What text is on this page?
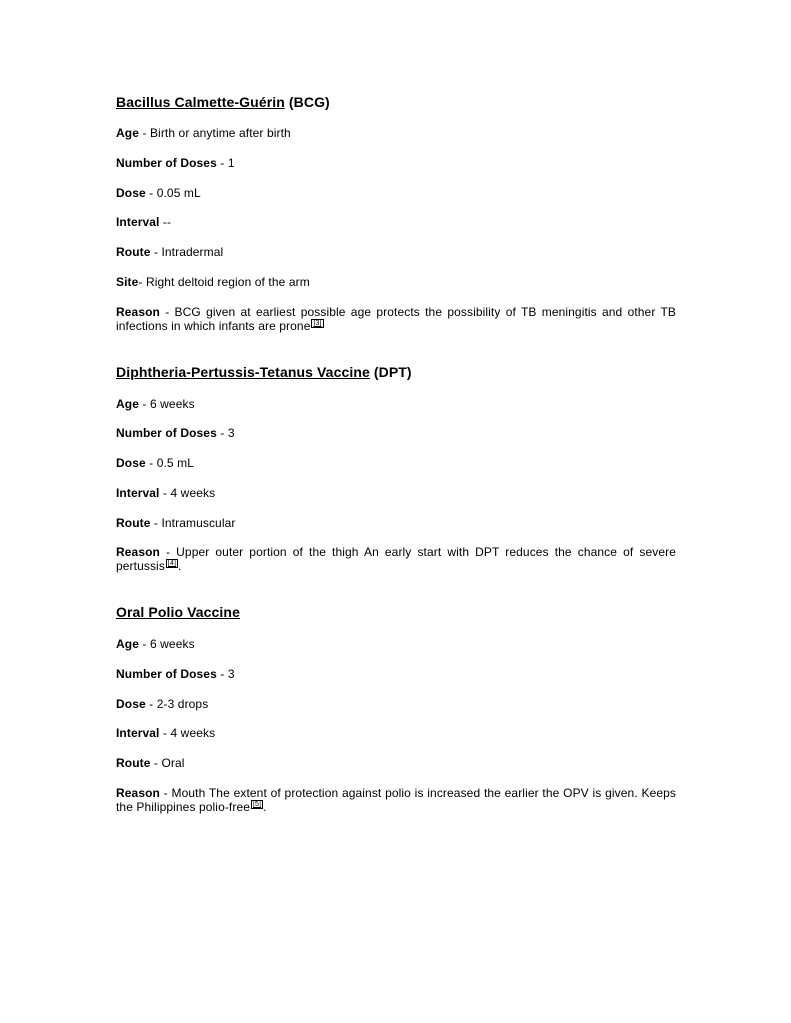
Bacillus Calmette-Guérin (BCG)

Age - Birth or anytime after birth

Number of Doses - 1

Dose - 0.05 mL

Interval --

Route - Intradermal

Site- Right deltoid region of the arm

Reason - BCG given at earliest possible age protects the possibility of TB meningitis and other TB infections in which infants are prone [3]

Diphtheria-Pertussis-Tetanus Vaccine (DPT)

Age - 6 weeks

Number of Doses - 3

Dose - 0.5 mL

Interval - 4 weeks

Route - Intramuscular

Reason - Upper outer portion of the thigh An early start with DPT reduces the chance of severe pertussis [4] .

Oral Polio Vaccine

Age - 6 weeks

Number of Doses - 3

Dose - 2-3 drops

Interval - 4 weeks

Route - Oral

Reason - Mouth The extent of protection against polio is increased the earlier the OPV is given. Keeps the Philippines polio-free [5] .
